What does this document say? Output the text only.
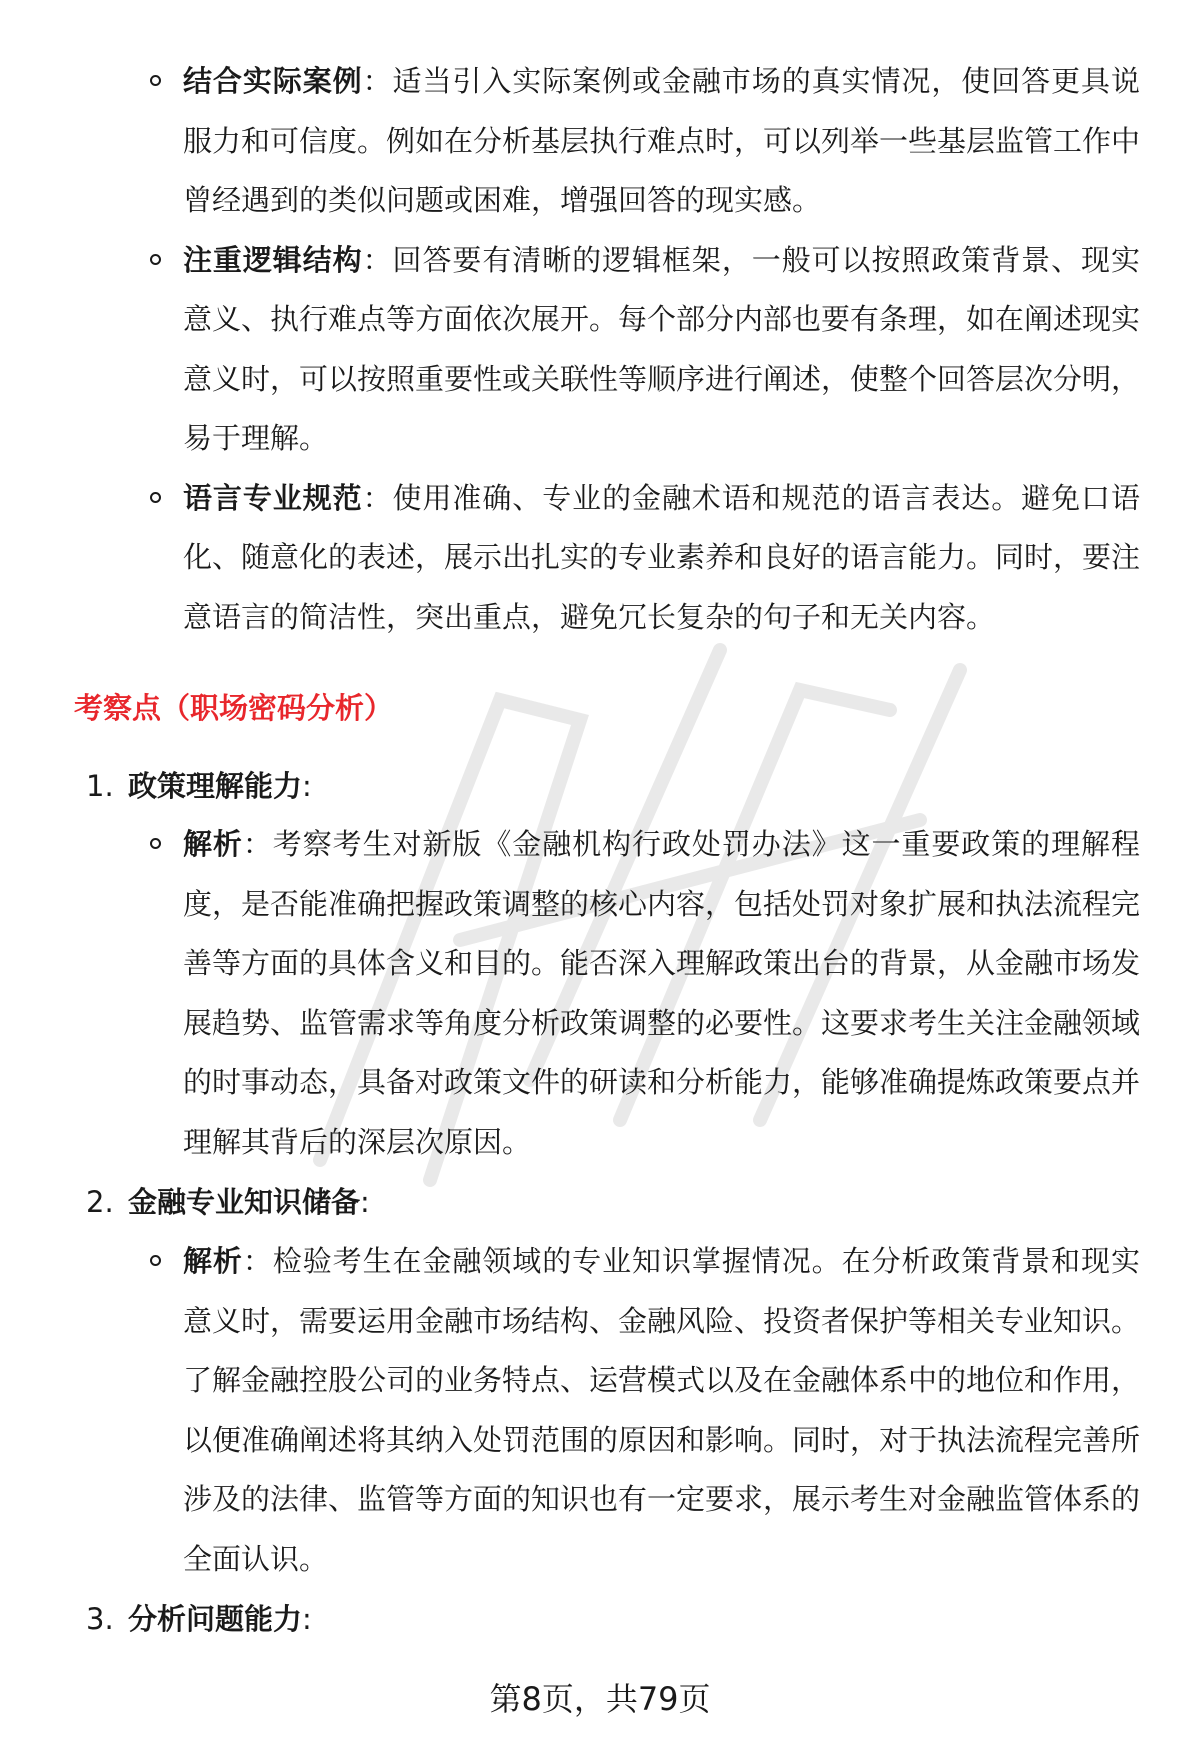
结合实际案例：适当引入实际案例或金融市场的真实情况，使回答更具说服力和可信度。例如在分析基层执行难点时，可以列举一些基层监管工作中曾经遇到的类似问题或困难，增强回答的现实感。
注重逻辑结构：回答要有清晰的逻辑框架，一般可以按照政策背景、现实意义、执行难点等方面依次展开。每个部分内部也要有条理，如在阐述现实意义时，可以按照重要性或关联性等顺序进行阐述，使整个回答层次分明，易于理解。
语言专业规范：使用准确、专业的金融术语和规范的语言表达。避免口语化、随意化的表述，展示出扎实的专业素养和良好的语言能力。同时，要注意语言的简洁性，突出重点，避免冗长复杂的句子和无关内容。
考察点（职场密码分析）
1. 政策理解能力:
解析：考察考生对新版《金融机构行政处罚办法》这一重要政策的理解程度，是否能准确把握政策调整的核心内容，包括处罚对象扩展和执法流程完善等方面的具体含义和目的。能否深入理解政策出台的背景，从金融市场发展趋势、监管需求等角度分析政策调整的必要性。这要求考生关注金融领域的时事动态，具备对政策文件的研读和分析能力，能够准确提炼政策要点并理解其背后的深层次原因。
2. 金融专业知识储备:
解析：检验考生在金融领域的专业知识掌握情况。在分析政策背景和现实意义时，需要运用金融市场结构、金融风险、投资者保护等相关专业知识。了解金融控股公司的业务特点、运营模式以及在金融体系中的地位和作用，以便准确阐述将其纳入处罚范围的原因和影响。同时，对于执法流程完善所涉及的法律、监管等方面的知识也有一定要求，展示考生对金融监管体系的全面认识。
3. 分析问题能力:
第8页，共79页
